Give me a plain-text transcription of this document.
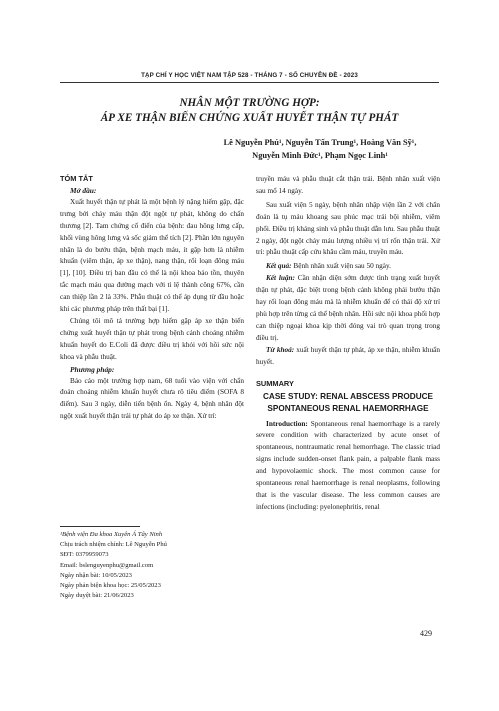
TẠP CHÍ Y HỌC VIỆT NAM TẬP 528 - THÁNG 7 - SỐ CHUYÊN ĐỀ - 2023
NHÂN MỘT TRƯỜNG HỢP:
ÁP XE THẬN BIẾN CHỨNG XUẤT HUYẾT THẬN TỰ PHÁT
Lê Nguyễn Phú¹, Nguyễn Tấn Trung¹, Hoàng Văn Sỹ¹,
Nguyễn Minh Đức¹, Phạm Ngọc Linh¹
TÓM TẮT
Mở đầu:

Xuất huyết thận tự phát là một bệnh lý nặng hiếm gặp, đặc trưng bởi chảy máu thận đột ngột tự phát, không do chấn thương [2]. Tam chứng cổ điển của bệnh: đau hông lưng cấp, khối vùng hông lưng và sốc giảm thể tích [2]. Phần lớn nguyên nhân là do bướu thận, bệnh mạch máu, ít gặp hơn là nhiễm khuẩn (viêm thận, áp xe thận), nang thận, rối loạn đông máu [1], [10]. Điều trị ban đầu có thể là nội khoa bảo tồn, thuyên tắc mạch máu qua đường mạch với tỉ lệ thành công 67%, cần can thiệp lần 2 là 33%. Phẫu thuật có thể áp dụng từ đầu hoặc khi các phương pháp trên thất bại [1].

Chúng tôi mô tả trường hợp hiếm gặp áp xe thận biến chứng xuất huyết thận tự phát trong bệnh cảnh choáng nhiễm khuẩn huyết do E.Coli đã được điều trị khỏi với hồi sức nội khoa và phẫu thuật.

Phương pháp:

Báo cáo một trường hợp nam, 68 tuổi vào viện với chẩn đoán choáng nhiễm khuẩn huyết chưa rõ tiêu điểm (SOFA 8 điểm). Sau 3 ngày, diễn tiến bệnh ổn. Ngày 4, bệnh nhân đột ngột xuất huyết thận trái tự phát do áp xe thận. Xử trí:

truyền máu và phẫu thuật cắt thận trái. Bệnh nhân xuất viện sau mổ 14 ngày.

Sau xuất viện 5 ngày, bệnh nhân nhập viện lần 2 với chẩn đoán là tụ máu khoang sau phúc mạc trái bội nhiễm, viêm phổi. Điều trị kháng sinh và phẫu thuật dẫn lưu. Sau phẫu thuật 2 ngày, đột ngột chảy máu lượng nhiều vị trí rốn thận trái. Xử trí: phẫu thuật cấp cứu khâu cầm máu, truyền máu.

Kết quả: Bệnh nhân xuất viện sau 50 ngày.

Kết luận: Cần nhận diện sớm được tình trạng xuất huyết thận tự phát, đặc biệt trong bệnh cảnh không phải bướu thận hay rối loạn đông máu mà là nhiễm khuẩn để có thái độ xử trí phù hợp trên từng cá thể bệnh nhân. Hồi sức nội khoa phối hợp can thiệp ngoại khoa kịp thời đóng vai trò quan trọng trong điều trị.

Từ khoá: xuất huyết thận tự phát, áp xe thận, nhiễm khuẩn huyết.

SUMMARY
CASE STUDY: RENAL ABSCESS PRODUCE SPONTANEOUS RENAL HAEMORRHAGE

Introduction: Spontaneous renal haemorrhage is a rarely severe condition with characterized by acute onset of spontaneous, nontraumatic renal hemorrhage. The classic triad signs include sudden-onset flank pain, a palpable flank mass and hypovolaemic shock. The most common cause for spontaneous renal haemorrhage is renal neoplasms, following that is the vascular disease. The less common causes are infections (including: pyelonephritis, renal

¹Bệnh viện Đa khoa Xuyên Á Tây Ninh
Chịu trách nhiệm chính: Lê Nguyễn Phú
SĐT: 0379959073
Email: bslenguyenphu@gmail.com
Ngày nhận bài: 10/05/2023
Ngày phản biện khoa học: 25/05/2023
Ngày duyệt bài: 21/06/2023
429
